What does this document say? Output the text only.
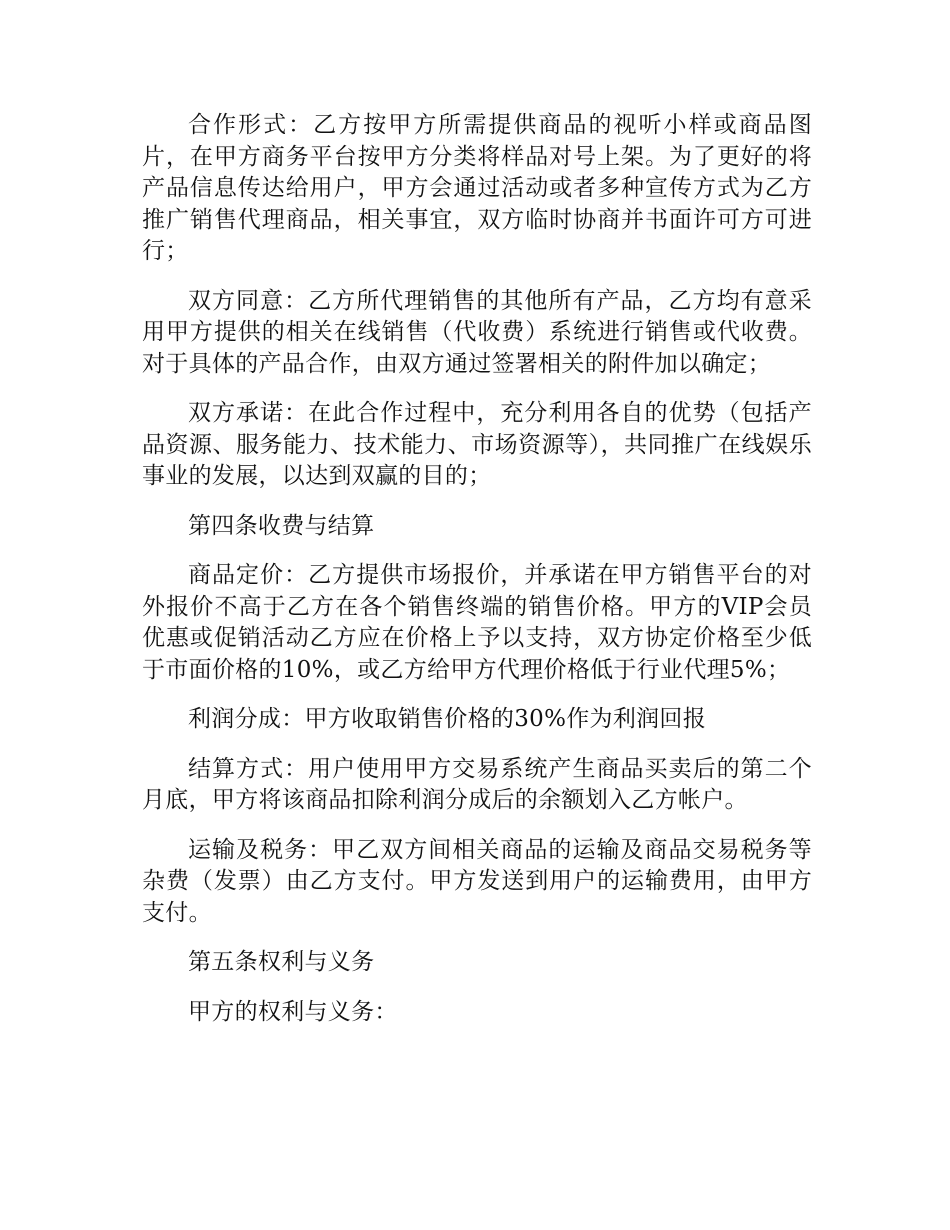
合作形式：乙方按甲方所需提供商品的视听小样或商品图片，在甲方商务平台按甲方分类将样品对号上架。为了更好的将产品信息传达给用户，甲方会通过活动或者多种宣传方式为乙方推广销售代理商品，相关事宜，双方临时协商并书面许可方可进行；

双方同意：乙方所代理销售的其他所有产品，乙方均有意采用甲方提供的相关在线销售（代收费）系统进行销售或代收费。对于具体的产品合作，由双方通过签署相关的附件加以确定；

双方承诺：在此合作过程中，充分利用各自的优势（包括产品资源、服务能力、技术能力、市场资源等），共同推广在线娱乐事业的发展，以达到双赢的目的；

第四条收费与结算

商品定价：乙方提供市场报价，并承诺在甲方销售平台的对外报价不高于乙方在各个销售终端的销售价格。甲方的VIP会员优惠或促销活动乙方应在价格上予以支持，双方协定价格至少低于市面价格的10%，或乙方给甲方代理价格低于行业代理5%；

利润分成：甲方收取销售价格的30%作为利润回报

结算方式：用户使用甲方交易系统产生商品买卖后的第二个月底，甲方将该商品扣除利润分成后的余额划入乙方帐户。

运输及税务：甲乙双方间相关商品的运输及商品交易税务等杂费（发票）由乙方支付。甲方发送到用户的运输费用，由甲方支付。

第五条权利与义务

甲方的权利与义务：
